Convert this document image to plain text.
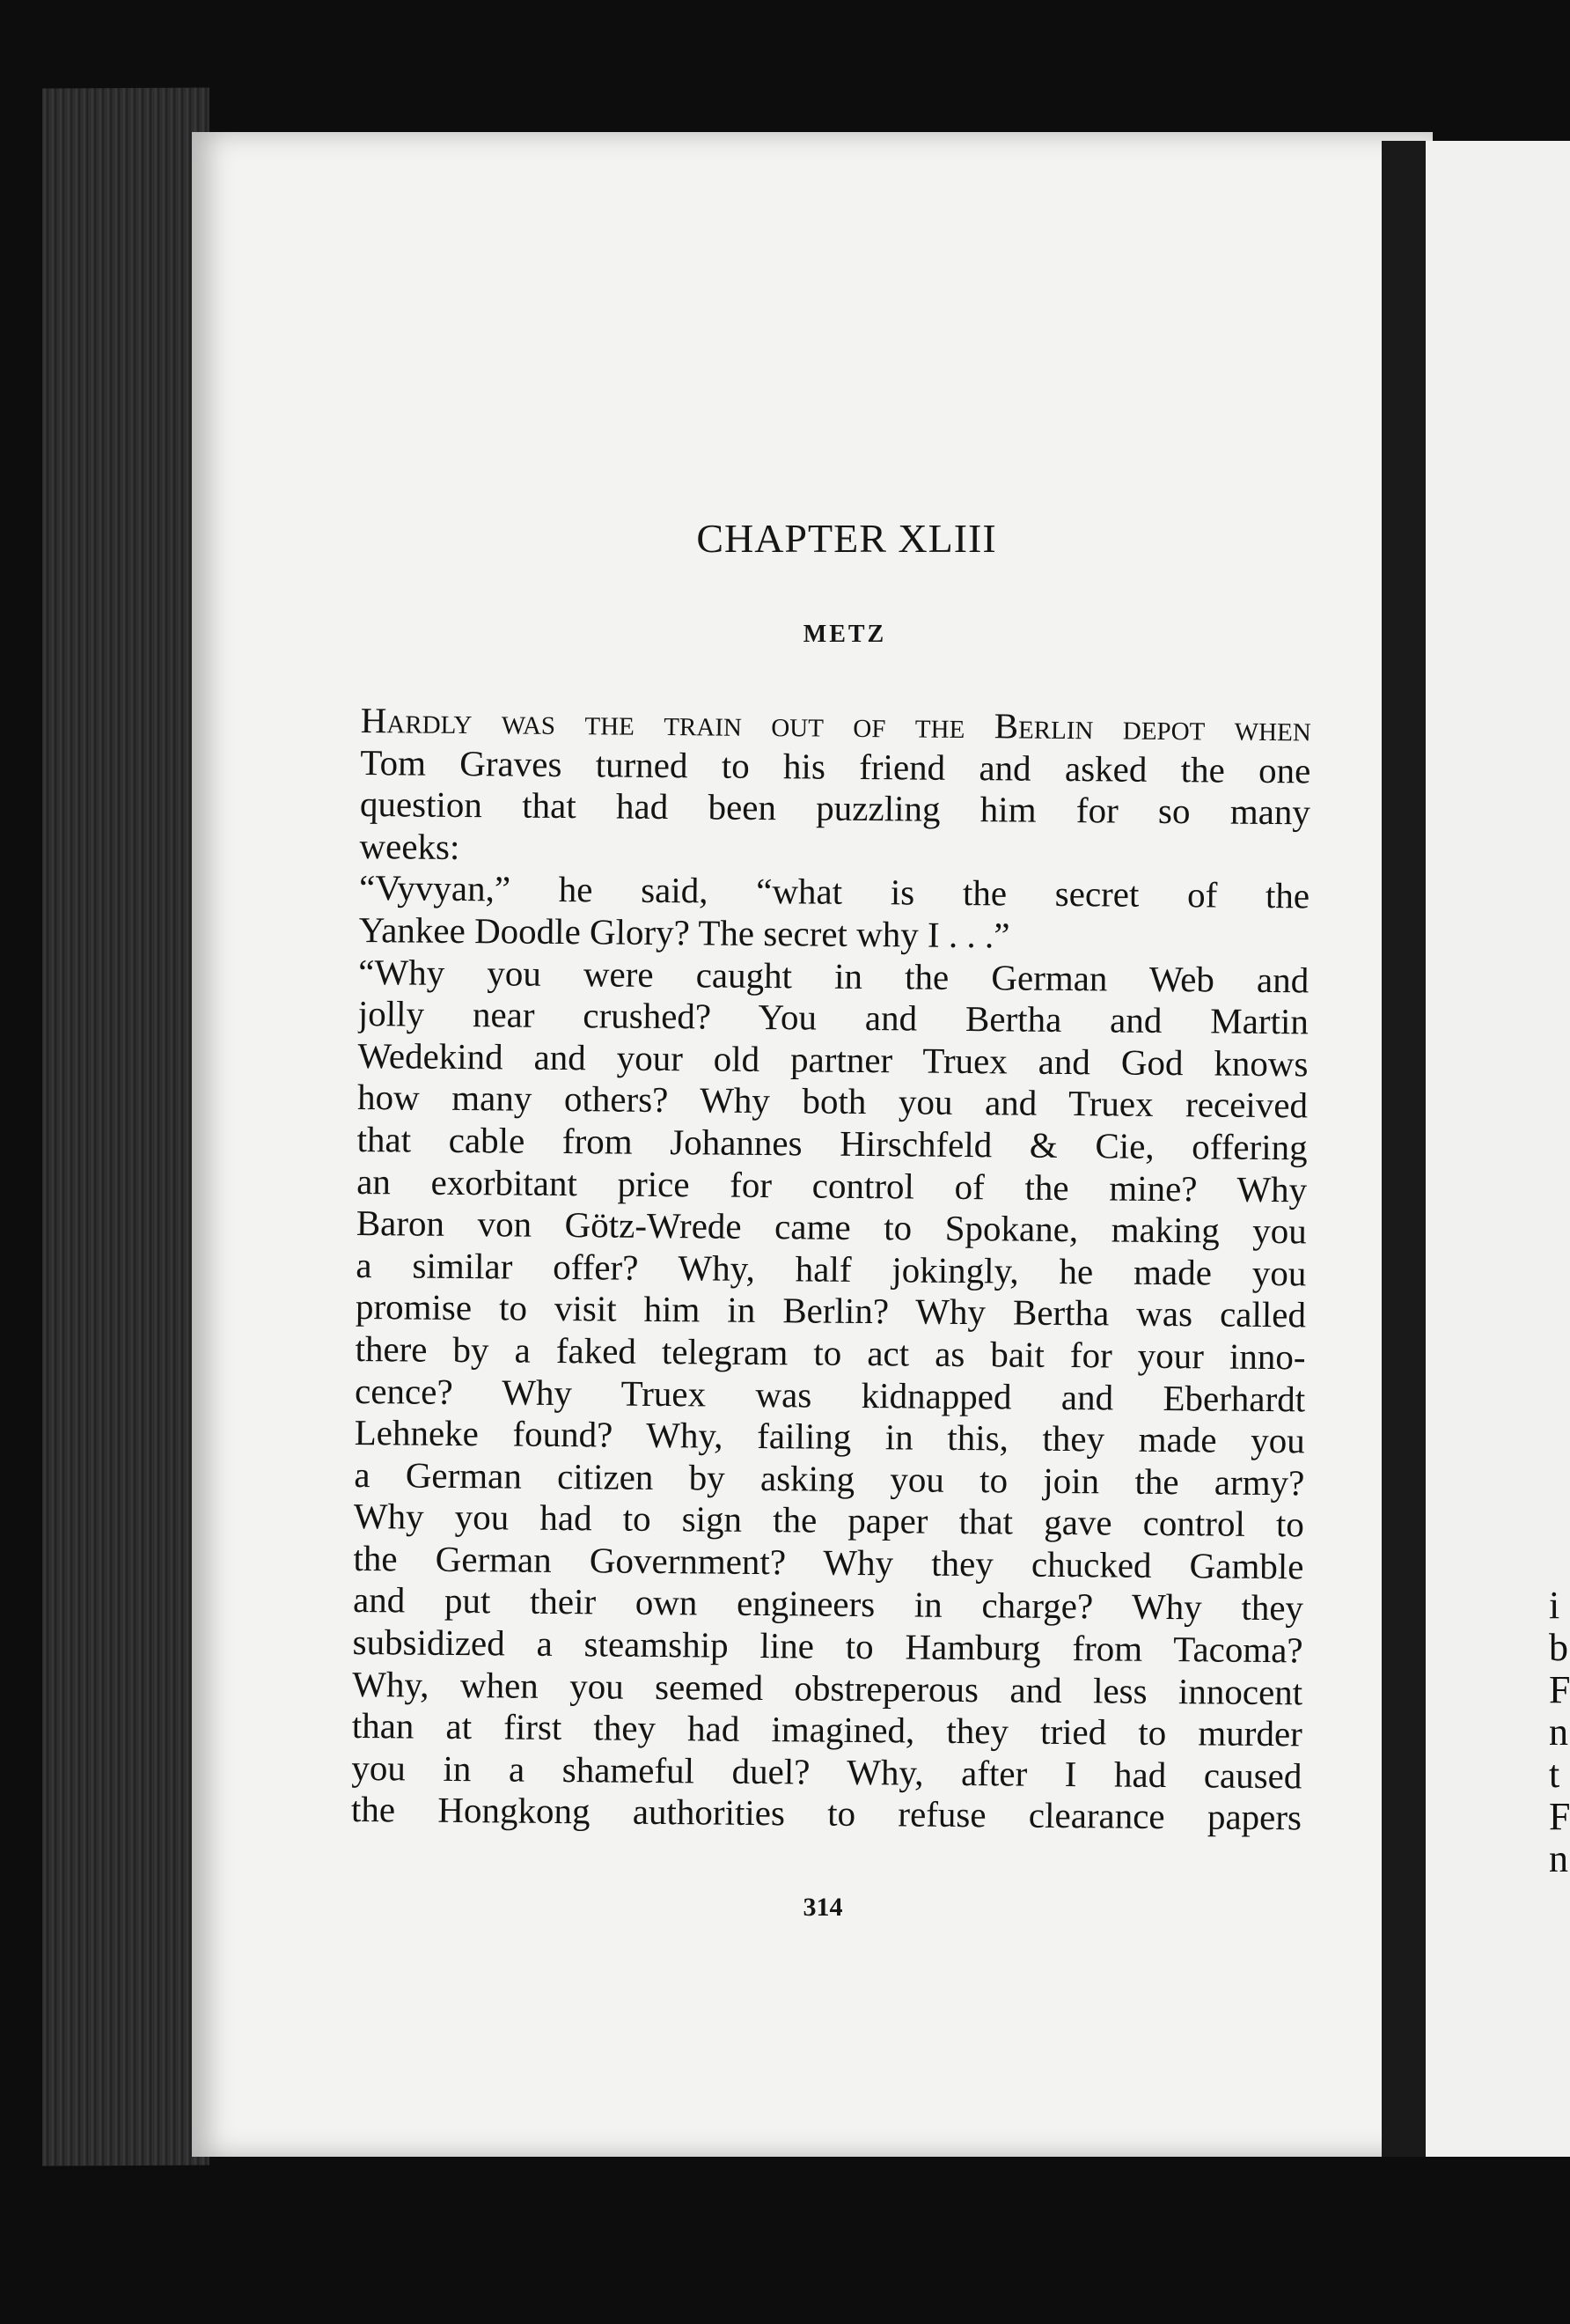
i
b
F
n
t
F
n
CHAPTER XLIII
METZ
Hardly was the train out of the Berlin depot when
Tom Graves turned to his friend and asked the one
question that had been puzzling him for so many
weeks:
“Vyvyan,” he said, “what is the secret of the
Yankee Doodle Glory? The secret why I . . .”
“Why you were caught in the German Web and
jolly near crushed? You and Bertha and Martin
Wedekind and your old partner Truex and God knows
how many others? Why both you and Truex received
that cable from Johannes Hirschfeld & Cie, offering
an exorbitant price for control of the mine? Why
Baron von Götz-Wrede came to Spokane, making you
a similar offer? Why, half jokingly, he made you
promise to visit him in Berlin? Why Bertha was called
there by a faked telegram to act as bait for your inno-
cence? Why Truex was kidnapped and Eberhardt
Lehneke found? Why, failing in this, they made you
a German citizen by asking you to join the army?
Why you had to sign the paper that gave control to
the German Government? Why they chucked Gamble
and put their own engineers in charge? Why they
subsidized a steamship line to Hamburg from Tacoma?
Why, when you seemed obstreperous and less innocent
than at first they had imagined, they tried to murder
you in a shameful duel? Why, after I had caused
the Hongkong authorities to refuse clearance papers

314
